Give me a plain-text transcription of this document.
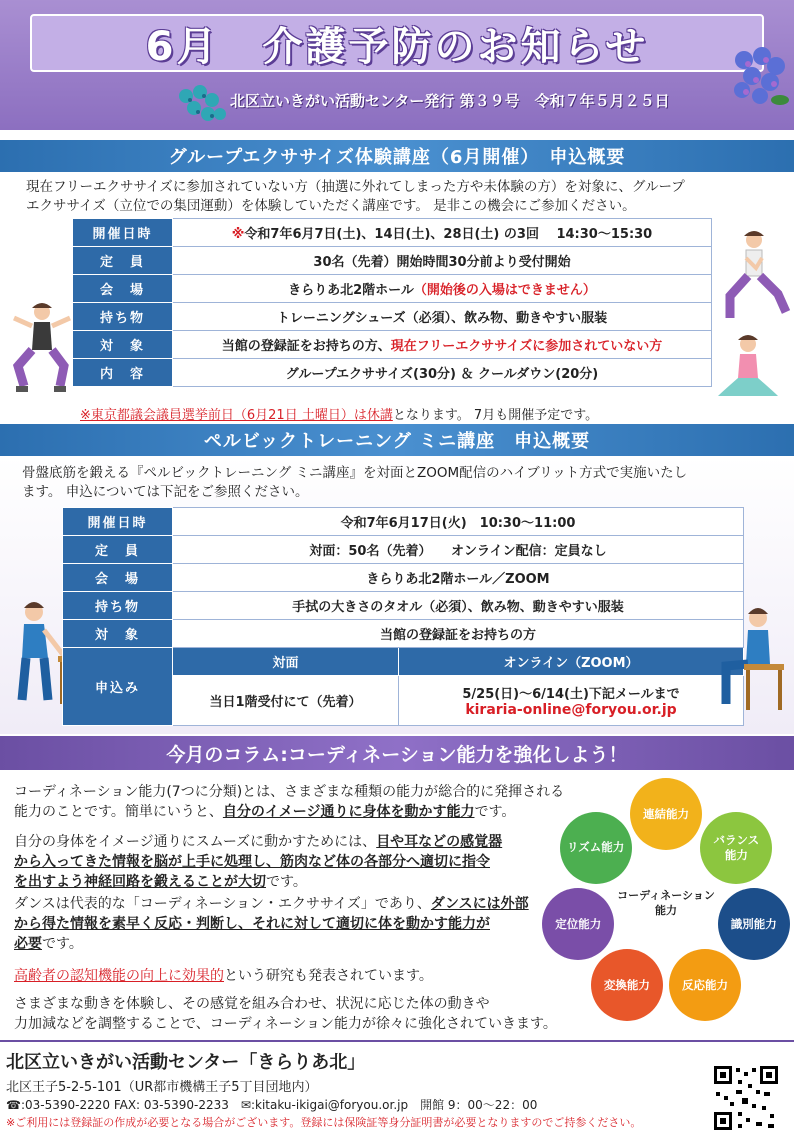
6月　介護予防のお知らせ
北区立いきがい活動センター発行 第３９号　令和７年５月２５日
グループエクササイズ体験講座（6月開催）　申込概要
現在フリーエクササイズに参加されていない方（抽選に外れてしまった方や未体験の方）を対象に、グループ
エクササイズ（立位での集団運動）を体験していただく講座です。 是非この機会にご参加ください。
開催日時	※令和7年6月7日(土)、14日(土)、28日(土) の3回　 14:30〜15:30
定　員	30名（先着）開始時間30分前より受付開始
会　場	きらりあ北2階ホール（開始後の入場はできません）
持ち物	トレーニングシューズ（必須）、飲み物、動きやすい服装
対　象	当館の登録証をお持ちの方、現在フリーエクササイズに参加されていない方
内　容	グループエクササイズ(30分) ＆ クールダウン(20分)
※東京都議会議員選挙前日（6月21日 土曜日）は休講となります。 7月も開催予定です。
ペルビックトレーニング ミニ講座　申込概要
骨盤底筋を鍛える『ペルビックトレーニング ミニ講座』を対面とZOOM配信のハイブリット方式で実施いたし
ます。 申込については下記をご参照ください。
開催日時	令和7年6月17日(火)　10:30〜11:00	
定　員	対面：50名（先着）　　オンライン配信：定員なし	
会　場	きらりあ北2階ホール／ZOOM	
持ち物	手拭の大きさのタオル（必須）、飲み物、動きやすい服装	
対　象	当館の登録証をお持ちの方	
申込み	対面	オンライン（ZOOM）
	当日1階受付にて（先着）	5/25(日)〜6/14(土)下記メールまで
kiraria-online@foryou.or.jp
今月のコラム:コーディネーション能力を強化しよう！
コーディネーション能力(7つに分類)とは、さまざまな種類の能力が総合的に発揮される
能力のことです。簡単にいうと、自分のイメージ通りに身体を動かす能力です。
自分の身体をイメージ通りにスムーズに動かすためには、目や耳などの感覚器
から入ってきた情報を脳が上手に処理し、筋肉など体の各部分へ適切に指令
を出すよう神経回路を鍛えることが大切です。
ダンスは代表的な「コーディネーション・エクササイズ」であり、ダンスには外部
から得た情報を素早く反応・判断し、それに対して適切に体を動かす能力が
必要です。
高齢者の認知機能の向上に効果的という研究も発表されています。
さまざまな動きを体験し、その感覚を組み合わせ、状況に応じた体の動きや
力加減などを調整することで、コーディネーション能力が徐々に強化されていきます。
コーディネーション
能力
連結能力
バランス
能力
識別能力
反応能力
変換能力
定位能力
リズム能力
北区立いきがい活動センター「きらりあ北」
北区王子5-2-5-101（UR都市機構王子5丁目団地内）
☎:03-5390-2220 FAX: 03-5390-2233　✉:kitaku-ikigai@foryou.or.jp　開館 9：00〜22：00
※ご利用には登録証の作成が必要となる場合がございます。登録には保険証等身分証明書が必要となりますのでご持参ください。
